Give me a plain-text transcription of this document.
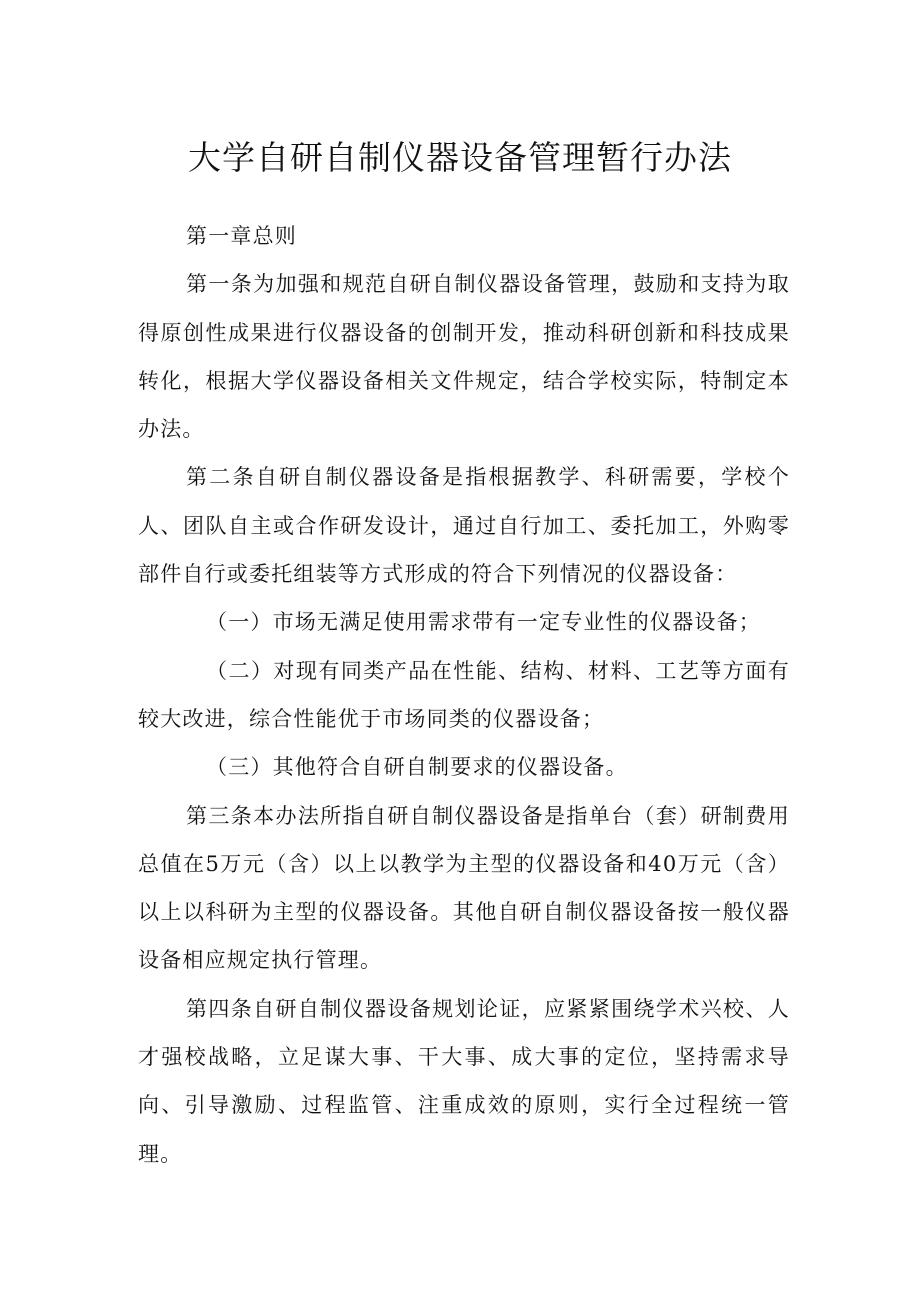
大学自研自制仪器设备管理暂行办法

第一章总则

第一条为加强和规范自研自制仪器设备管理，鼓励和支持为取得原创性成果进行仪器设备的创制开发，推动科研创新和科技成果转化，根据大学仪器设备相关文件规定，结合学校实际，特制定本办法。

第二条自研自制仪器设备是指根据教学、科研需要，学校个人、团队自主或合作研发设计，通过自行加工、委托加工，外购零部件自行或委托组装等方式形成的符合下列情况的仪器设备：

（一）市场无满足使用需求带有一定专业性的仪器设备；

（二）对现有同类产品在性能、结构、材料、工艺等方面有较大改进，综合性能优于市场同类的仪器设备；

（三）其他符合自研自制要求的仪器设备。

第三条本办法所指自研自制仪器设备是指单台（套）研制费用总值在5万元（含）以上以教学为主型的仪器设备和40万元（含）以上以科研为主型的仪器设备。其他自研自制仪器设备按一般仪器设备相应规定执行管理。

第四条自研自制仪器设备规划论证，应紧紧围绕学术兴校、人才强校战略，立足谋大事、干大事、成大事的定位，坚持需求导向、引导激励、过程监管、注重成效的原则，实行全过程统一管理。
